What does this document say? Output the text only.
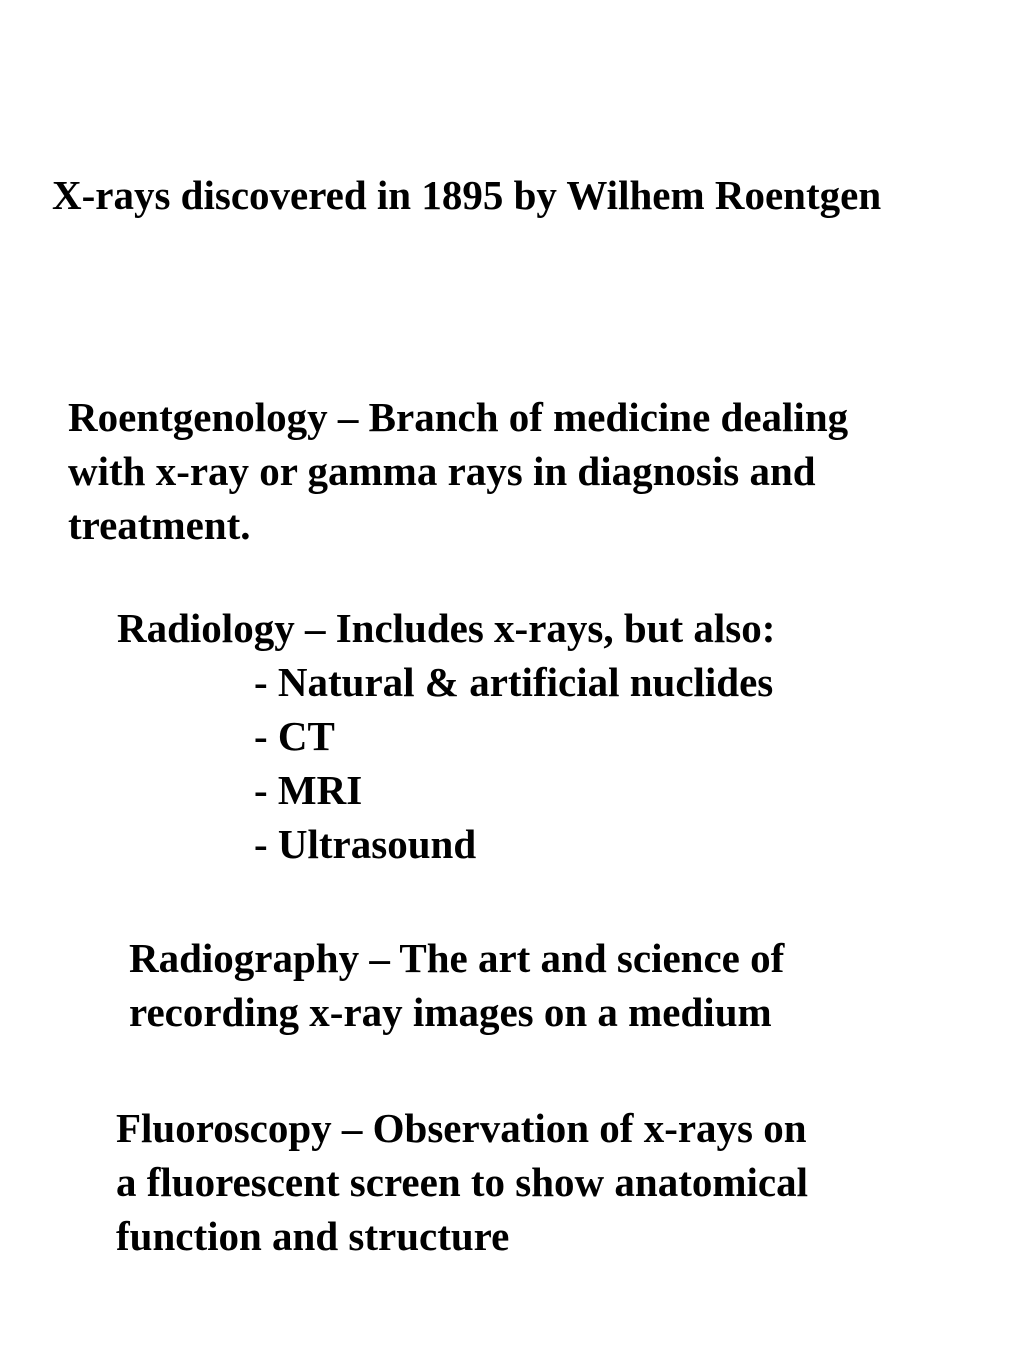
X-rays discovered in 1895 by Wilhem Roentgen
Roentgenology – Branch of medicine dealing
with x-ray or gamma rays in diagnosis and
treatment.
Radiology – Includes x-rays, but also:
- Natural & artificial nuclides
- CT
- MRI
- Ultrasound
Radiography – The art and science of
recording x-ray images on a medium
Fluoroscopy – Observation of x-rays on
a fluorescent screen to show anatomical
function and structure
